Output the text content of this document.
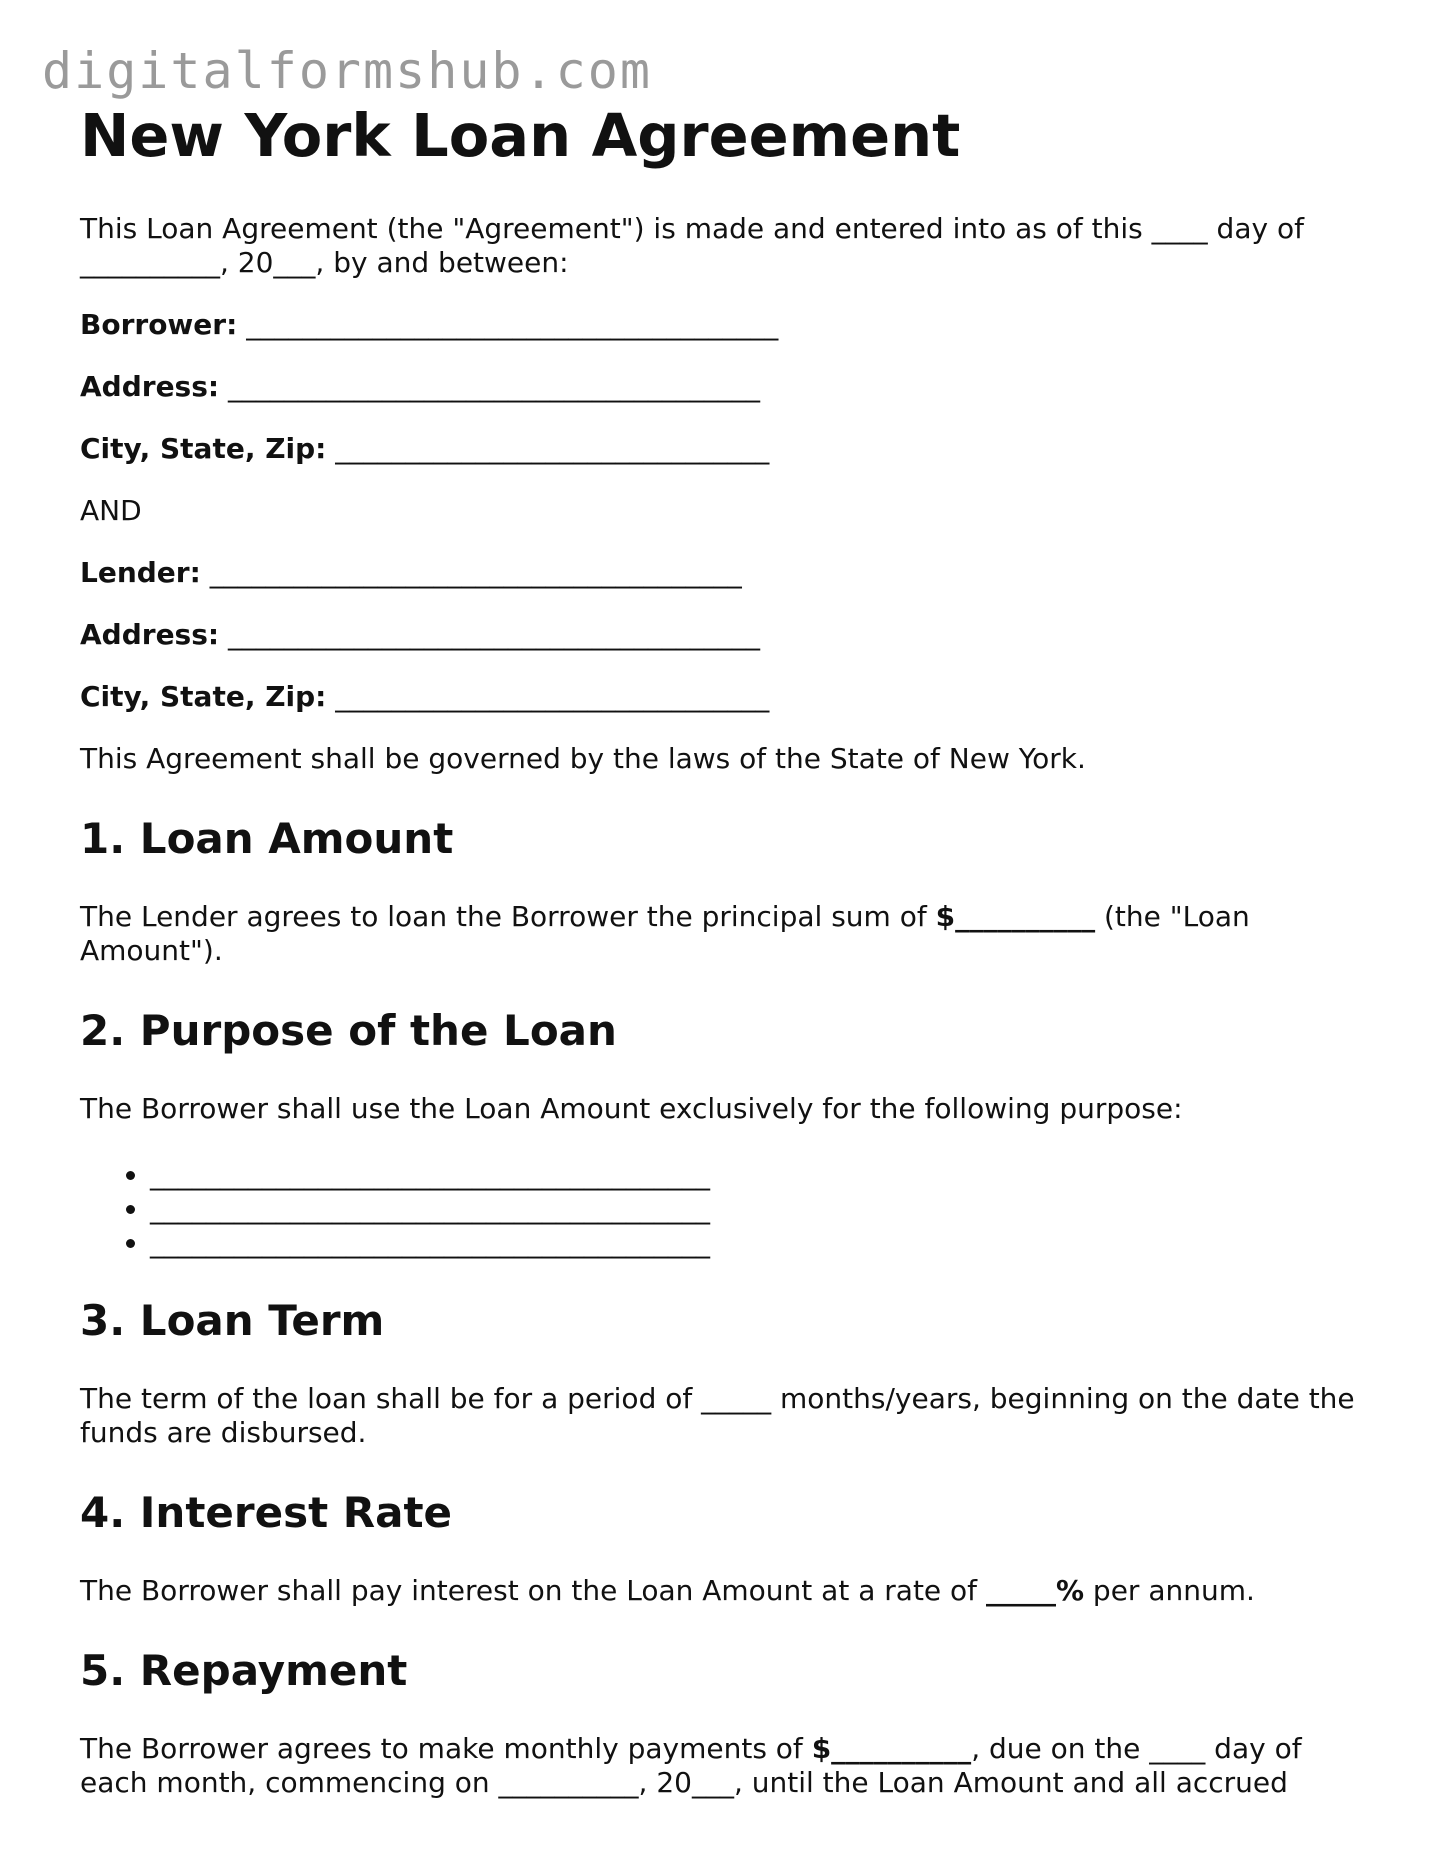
digitalformshub.com
New York Loan Agreement

This Loan Agreement (the "Agreement") is made and entered into as of this ____ day of __________, 20___, by and between:

Borrower: ______________________________________

Address: ______________________________________

City, State, Zip: _______________________________

AND

Lender: ______________________________________

Address: ______________________________________

City, State, Zip: _______________________________

This Agreement shall be governed by the laws of the State of New York.

1. Loan Amount

The Lender agrees to loan the Borrower the principal sum of $__________ (the "Loan Amount").

2. Purpose of the Loan

The Borrower shall use the Loan Amount exclusively for the following purpose:

• ________________________________________
• ________________________________________
• ________________________________________
3. Loan Term

The term of the loan shall be for a period of _____ months/years, beginning on the date the funds are disbursed.

4. Interest Rate

The Borrower shall pay interest on the Loan Amount at a rate of _____% per annum.

5. Repayment

The Borrower agrees to make monthly payments of $__________, due on the ____ day of each month, commencing on __________, 20___, until the Loan Amount and all accrued
